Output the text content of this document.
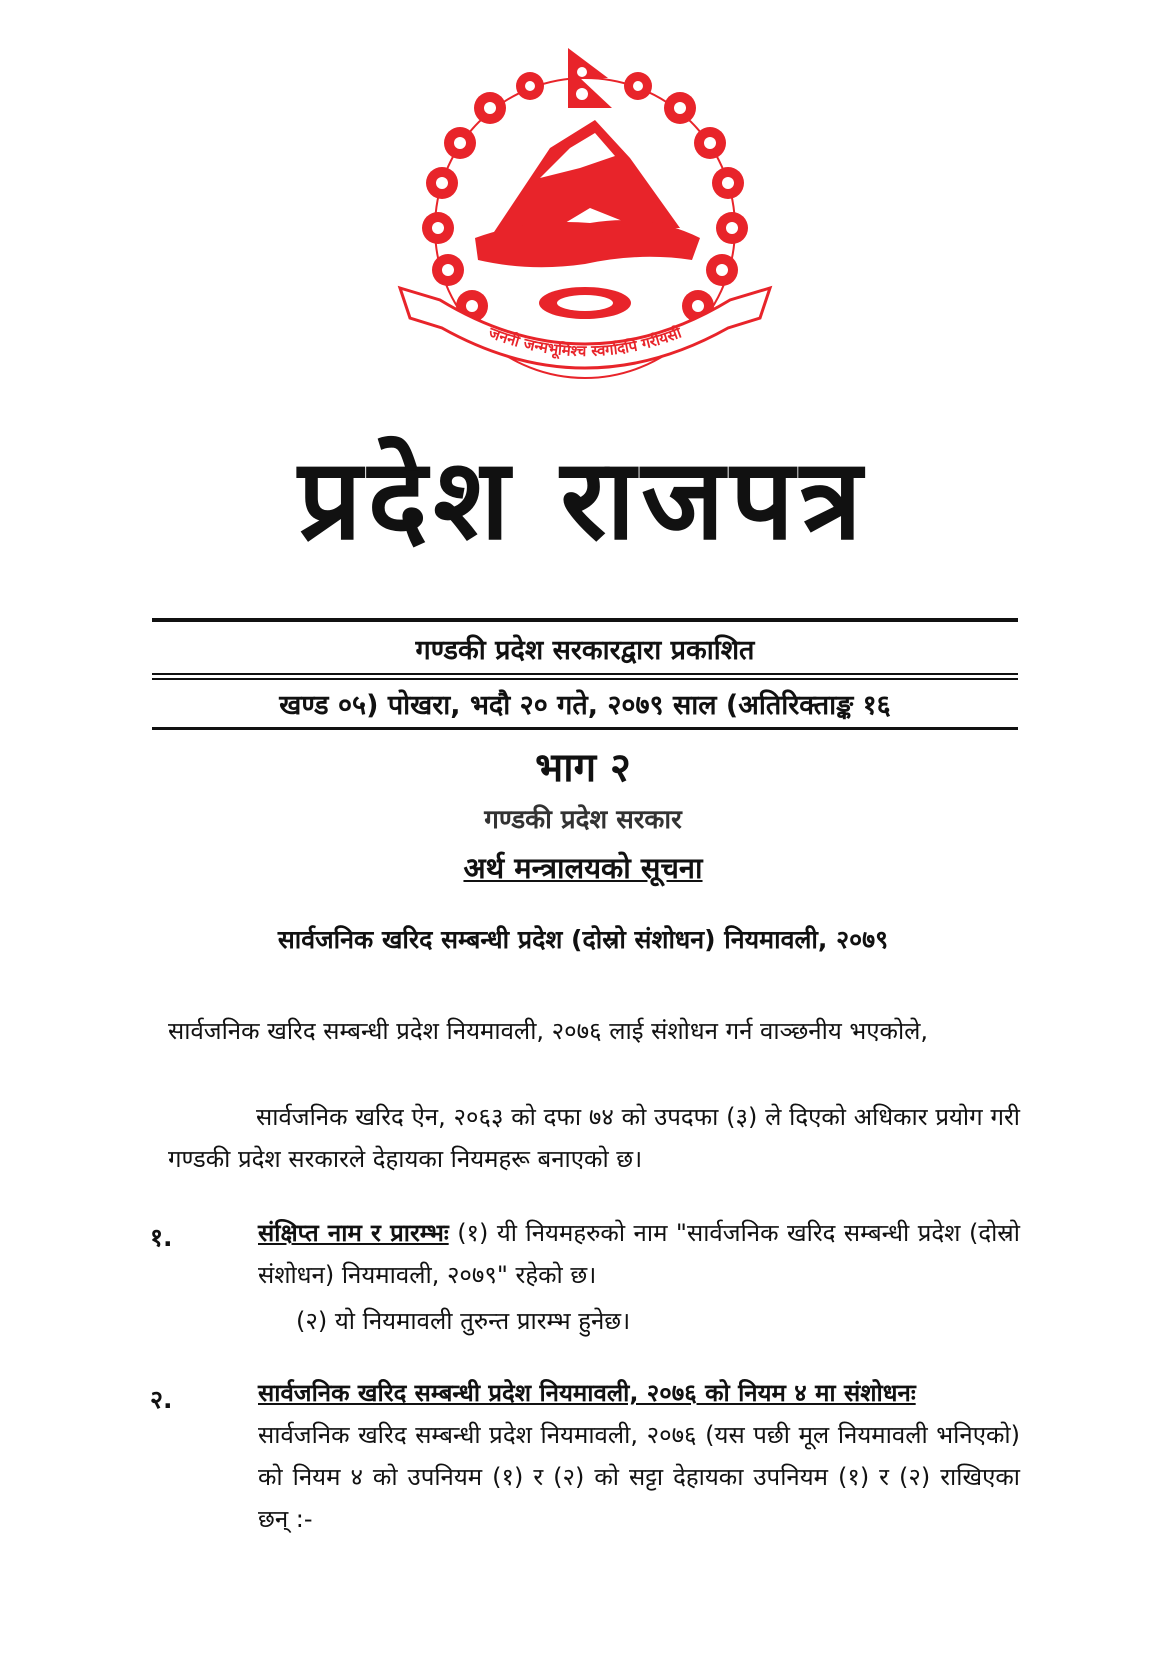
जननी जन्मभूमिश्च स्वर्गादपि गरीयसी
प्रदेश राजपत्र
गण्डकी प्रदेश सरकारद्वारा प्रकाशित
खण्ड ०५) पोखरा, भदौ २० गते, २०७९ साल (अतिरिक्ताङ्क १६
भाग २
गण्डकी प्रदेश सरकार
अर्थ मन्त्रालयको सूचना
सार्वजनिक खरिद सम्बन्धी प्रदेश (दोस्रो संशोधन) नियमावली, २०७९

सार्वजनिक खरिद सम्बन्धी प्रदेश नियमावली, २०७६ लाई संशोधन गर्न वाञ्छनीय भएकोले,

सार्वजनिक खरिद ऐन, २०६३ को दफा ७४ को उपदफा (३) ले दिएको अधिकार प्रयोग गरी गण्डकी प्रदेश सरकारले देहायका नियमहरू बनाएको छ।

१.	संक्षिप्त नाम र प्रारम्भः (१) यी नियमहरुको नाम "सार्वजनिक खरिद सम्बन्धी प्रदेश (दोस्रो संशोधन) नियमावली, २०७९" रहेको छ।

(२) यो नियमावली तुरुन्त प्रारम्भ हुनेछ।
२.	सार्वजनिक खरिद सम्बन्धी प्रदेश नियमावली, २०७६ को नियम ४ मा संशोधनः
सार्वजनिक खरिद सम्बन्धी प्रदेश नियमावली, २०७६ (यस पछी मूल नियमावली भनिएको) को नियम ४ को उपनियम (१) र (२) को सट्टा देहायका उपनियम (१) र (२) राखिएका छन् :-
